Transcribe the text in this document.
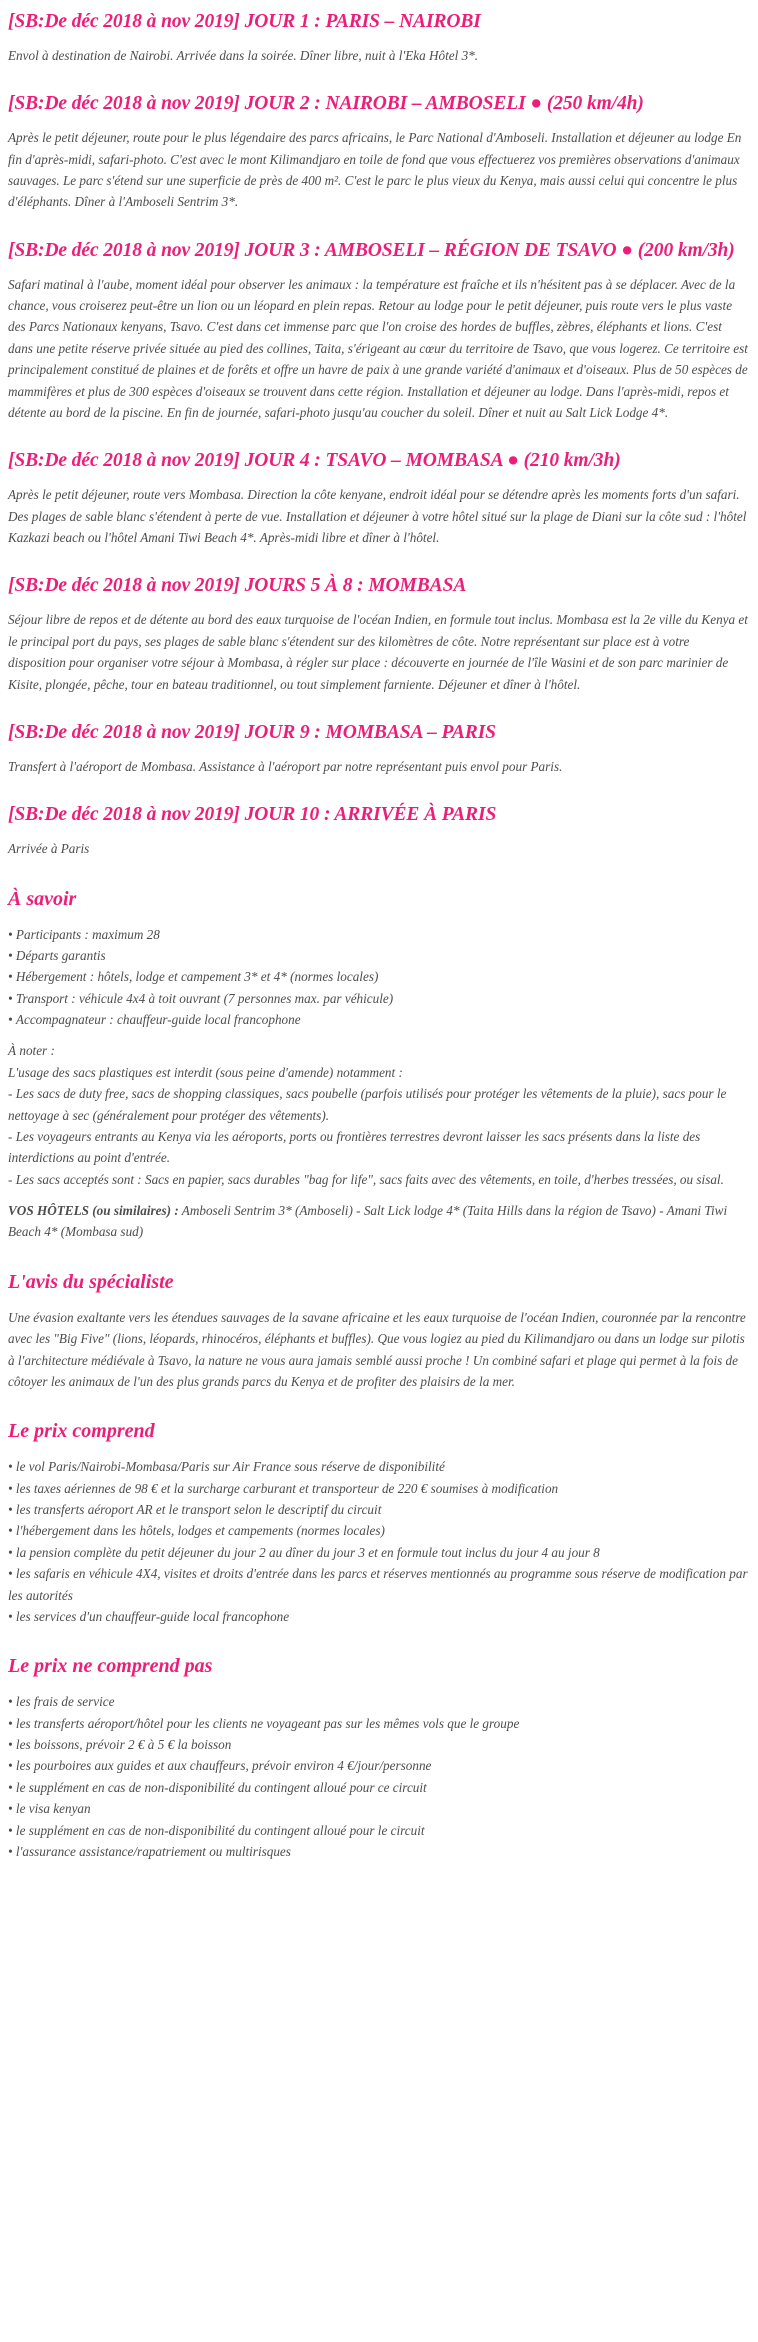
[SB:De déc 2018 à nov 2019] JOUR 1 : PARIS – NAIROBI

Envol à destination de Nairobi. Arrivée dans la soirée. Dîner libre, nuit à l'Eka Hôtel 3*.

[SB:De déc 2018 à nov 2019] JOUR 2 : NAIROBI – AMBOSELI ● (250 km/4h)

Après le petit déjeuner, route pour le plus légendaire des parcs africains, le Parc National d'Amboseli. Installation et déjeuner au lodge En fin d'après-midi, safari-photo. C'est avec le mont Kilimandjaro en toile de fond que vous effectuerez vos premières observations d'animaux sauvages. Le parc s'étend sur une superficie de près de 400 m². C'est le parc le plus vieux du Kenya, mais aussi celui qui concentre le plus d'éléphants. Dîner à l'Amboseli Sentrim 3*.

[SB:De déc 2018 à nov 2019] JOUR 3 : AMBOSELI – RÉGION DE TSAVO ● (200 km/3h)

Safari matinal à l'aube, moment idéal pour observer les animaux : la température est fraîche et ils n'hésitent pas à se déplacer. Avec de la chance, vous croiserez peut-être un lion ou un léopard en plein repas. Retour au lodge pour le petit déjeuner, puis route vers le plus vaste des Parcs Nationaux kenyans, Tsavo. C'est dans cet immense parc que l'on croise des hordes de buffles, zèbres, éléphants et lions. C'est dans une petite réserve privée située au pied des collines, Taita, s'érigeant au cœur du territoire de Tsavo, que vous logerez. Ce territoire est principalement constitué de plaines et de forêts et offre un havre de paix à une grande variété d'animaux et d'oiseaux. Plus de 50 espèces de mammifères et plus de 300 espèces d'oiseaux se trouvent dans cette région. Installation et déjeuner au lodge. Dans l'après-midi, repos et détente au bord de la piscine. En fin de journée, safari-photo jusqu'au coucher du soleil. Dîner et nuit au Salt Lick Lodge 4*.

[SB:De déc 2018 à nov 2019] JOUR 4 : TSAVO – MOMBASA ● (210 km/3h)

Après le petit déjeuner, route vers Mombasa. Direction la côte kenyane, endroit idéal pour se détendre après les moments forts d'un safari. Des plages de sable blanc s'étendent à perte de vue. Installation et déjeuner à votre hôtel situé sur la plage de Diani sur la côte sud : l'hôtel Kazkazi beach ou l'hôtel Amani Tiwi Beach 4*. Après-midi libre et dîner à l'hôtel.

[SB:De déc 2018 à nov 2019] JOURS 5 À 8 : MOMBASA

Séjour libre de repos et de détente au bord des eaux turquoise de l'océan Indien, en formule tout inclus. Mombasa est la 2e ville du Kenya et le principal port du pays, ses plages de sable blanc s'étendent sur des kilomètres de côte. Notre représentant sur place est à votre disposition pour organiser votre séjour à Mombasa, à régler sur place : découverte en journée de l'île Wasini et de son parc marinier de Kisite, plongée, pêche, tour en bateau traditionnel, ou tout simplement farniente. Déjeuner et dîner à l'hôtel.

[SB:De déc 2018 à nov 2019] JOUR 9 : MOMBASA – PARIS

Transfert à l'aéroport de Mombasa. Assistance à l'aéroport par notre représentant puis envol pour Paris.

[SB:De déc 2018 à nov 2019] JOUR 10 : ARRIVÉE À PARIS

Arrivée à Paris

À savoir
• Participants : maximum 28
• Départs garantis
• Hébergement : hôtels, lodge et campement 3* et 4* (normes locales)
• Transport : véhicule 4x4 à toit ouvrant (7 personnes max. par véhicule)
• Accompagnateur : chauffeur-guide local francophone

À noter :

L'usage des sacs plastiques est interdit (sous peine d'amende) notamment :

- Les sacs de duty free, sacs de shopping classiques, sacs poubelle (parfois utilisés pour protéger les vêtements de la pluie), sacs pour le nettoyage à sec (généralement pour protéger des vêtements).

- Les voyageurs entrants au Kenya via les aéroports, ports ou frontières terrestres devront laisser les sacs présents dans la liste des interdictions au point d'entrée.

- Les sacs acceptés sont : Sacs en papier, sacs durables "bag for life", sacs faits avec des vêtements, en toile, d'herbes tressées, ou sisal.

VOS HÔTELS (ou similaires) : Amboseli Sentrim 3* (Amboseli) - Salt Lick lodge 4* (Taita Hills dans la région de Tsavo) - Amani Tiwi Beach 4* (Mombasa sud)

L'avis du spécialiste

Une évasion exaltante vers les étendues sauvages de la savane africaine et les eaux turquoise de l'océan Indien, couronnée par la rencontre avec les "Big Five" (lions, léopards, rhinocéros, éléphants et buffles). Que vous logiez au pied du Kilimandjaro ou dans un lodge sur pilotis à l'architecture médiévale à Tsavo, la nature ne vous aura jamais semblé aussi proche ! Un combiné safari et plage qui permet à la fois de côtoyer les animaux de l'un des plus grands parcs du Kenya et de profiter des plaisirs de la mer.

Le prix comprend
• le vol Paris/Nairobi-Mombasa/Paris sur Air France sous réserve de disponibilité
• les taxes aériennes de 98 € et la surcharge carburant et transporteur de 220 € soumises à modification
• les transferts aéroport AR et le transport selon le descriptif du circuit
• l'hébergement dans les hôtels, lodges et campements (normes locales)
• la pension complète du petit déjeuner du jour 2 au dîner du jour 3 et en formule tout inclus du jour 4 au jour 8
• les safaris en véhicule 4X4, visites et droits d'entrée dans les parcs et réserves mentionnés au programme sous réserve de modification par les autorités
• les services d'un chauffeur-guide local francophone
Le prix ne comprend pas
• les frais de service
• les transferts aéroport/hôtel pour les clients ne voyageant pas sur les mêmes vols que le groupe
• les boissons, prévoir 2 € à 5 € la boisson
• les pourboires aux guides et aux chauffeurs, prévoir environ 4 €/jour/personne
• le supplément en cas de non-disponibilité du contingent alloué pour ce circuit
• le visa kenyan
• le supplément en cas de non-disponibilité du contingent alloué pour le circuit
• l'assurance assistance/rapatriement ou multirisques
